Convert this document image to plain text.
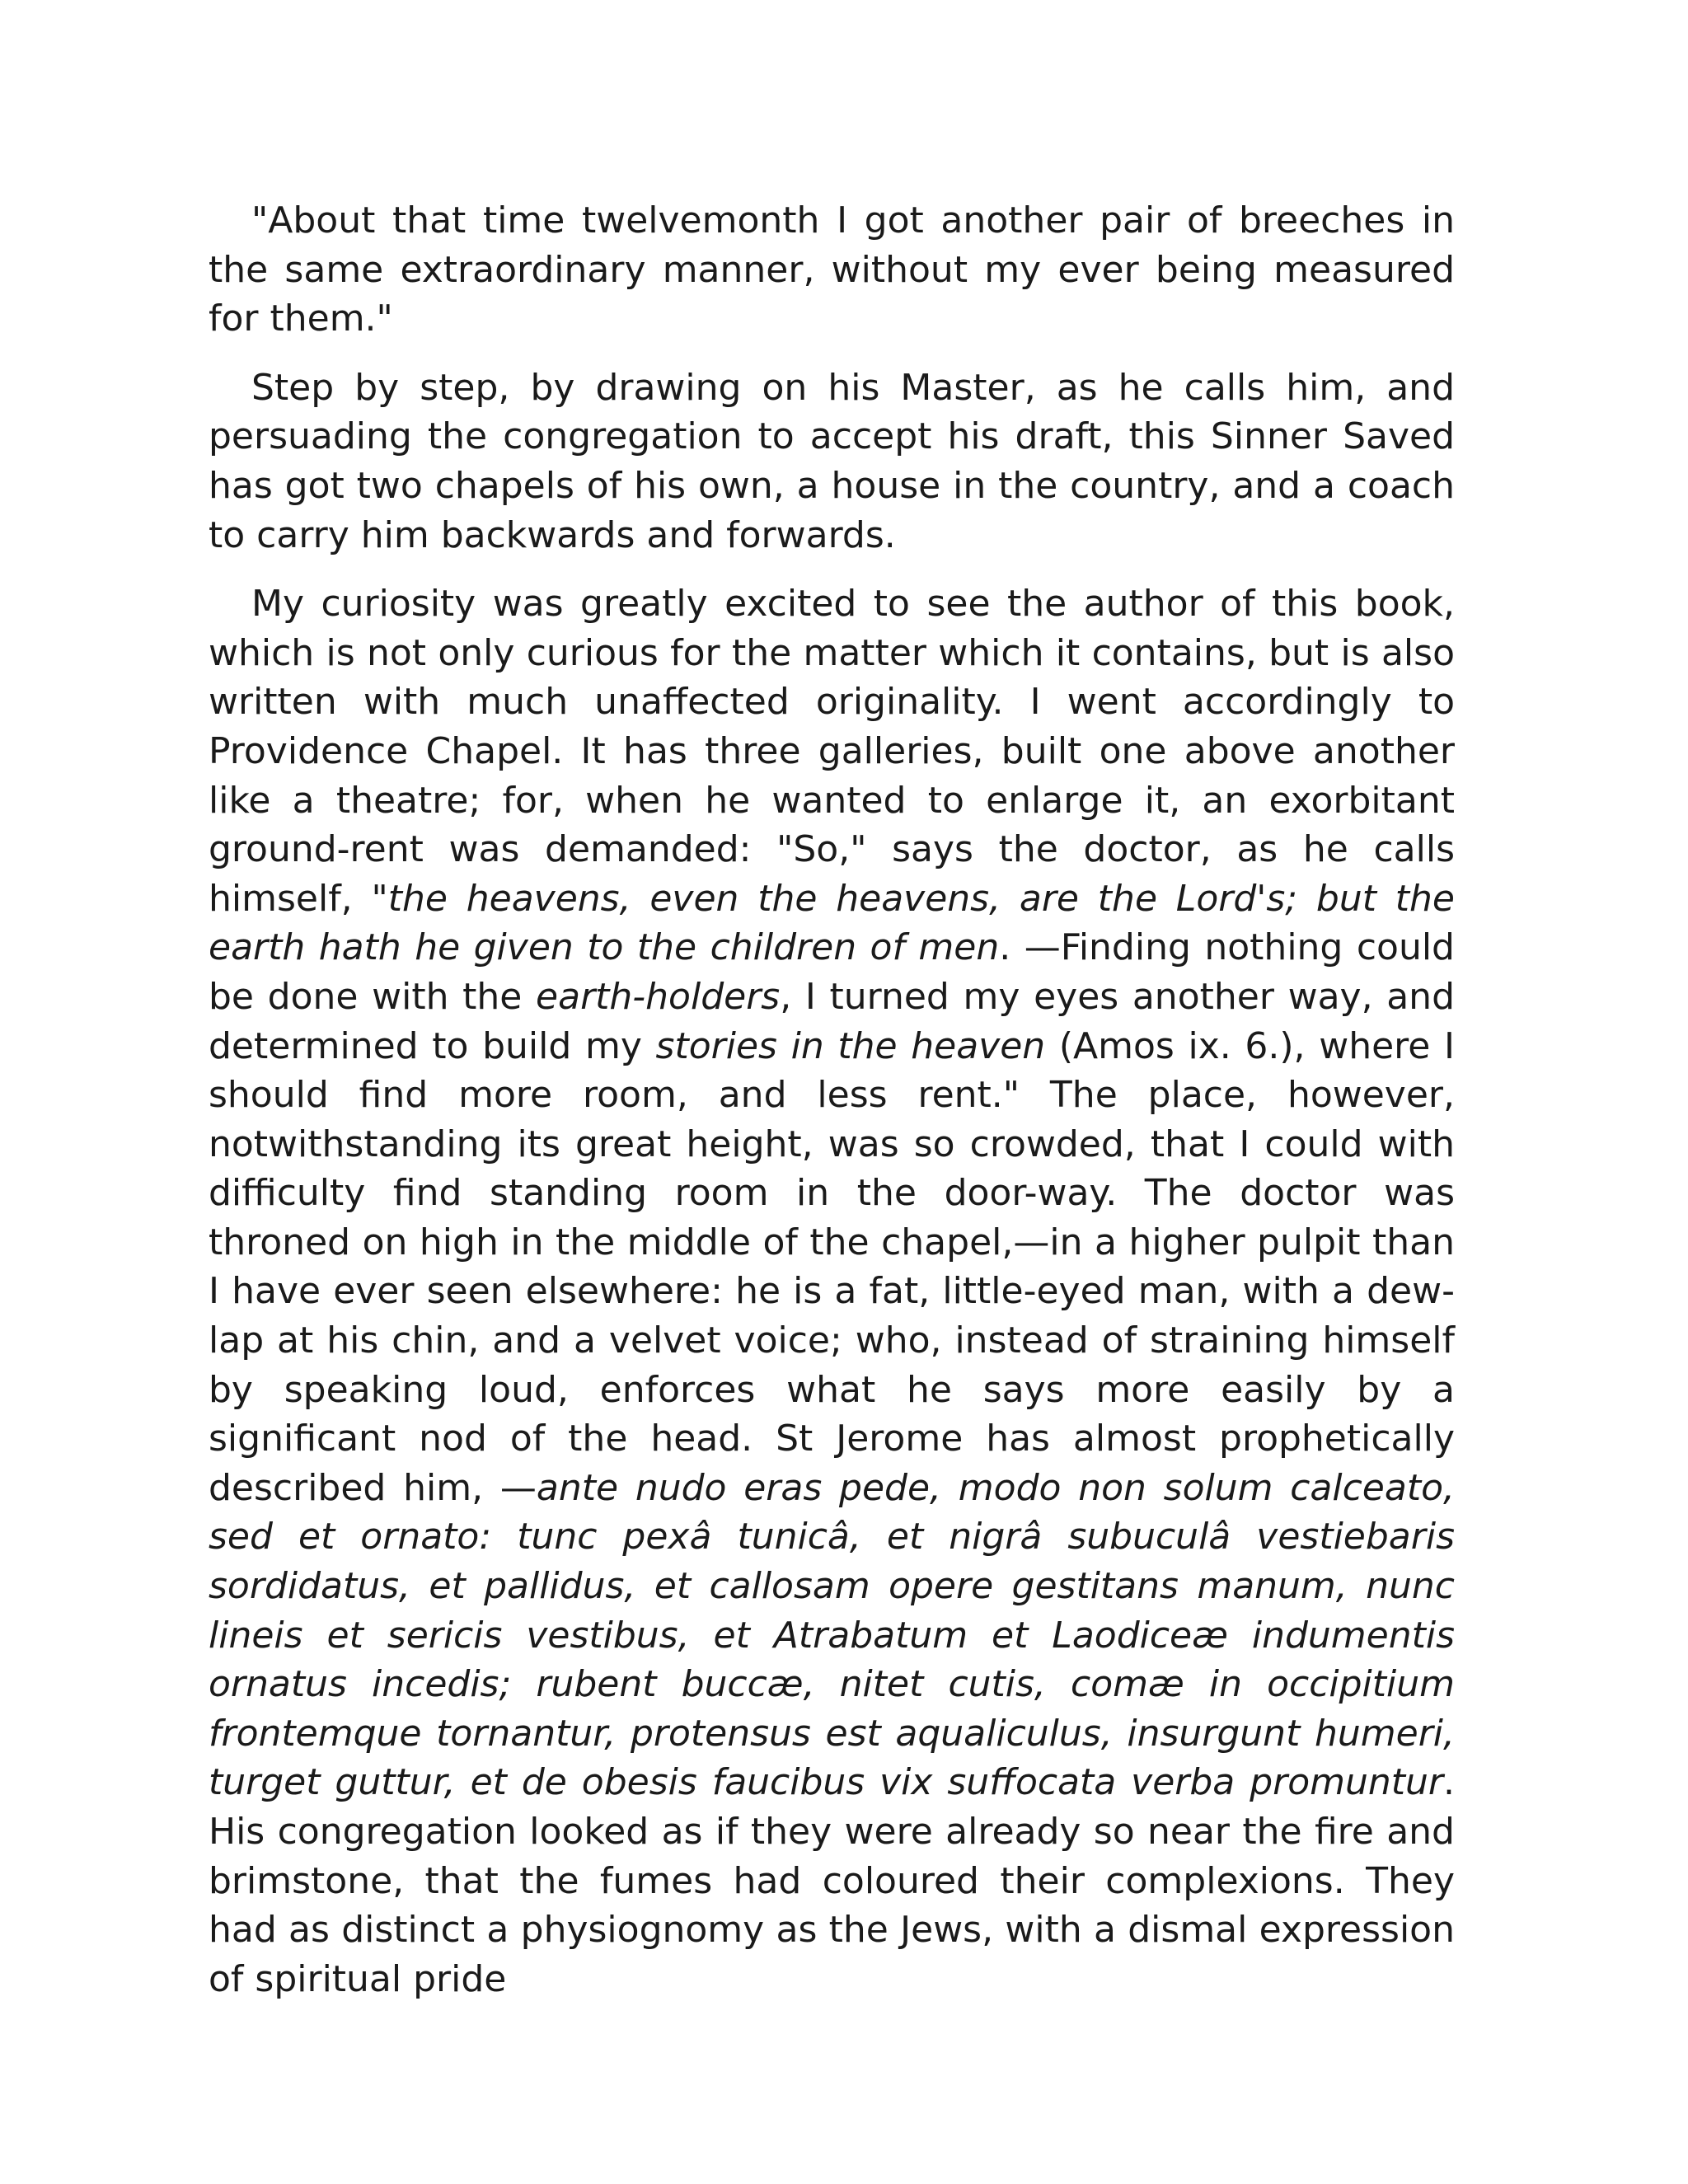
"About that time twelvemonth I got another pair of breeches in the same extraordinary manner, without my ever being measured for them."

Step by step, by drawing on his Master, as he calls him, and persuading the congregation to accept his draft, this Sinner Saved has got two chapels of his own, a house in the country, and a coach to carry him backwards and forwards.

My curiosity was greatly excited to see the author of this book, which is not only curious for the matter which it contains, but is also written with much unaffected originality. I went accordingly to Providence Chapel. It has three galleries, built one above another like a theatre; for, when he wanted to enlarge it, an exorbitant ground-rent was demanded: "So," says the doctor, as he calls himself, "the heavens, even the heavens, are the Lord's; but the earth hath he given to the children of men. —Finding nothing could be done with the earth-holders, I turned my eyes another way, and determined to build my stories in the heaven (Amos ix. 6.), where I should find more room, and less rent." The place, however, notwithstanding its great height, was so crowded, that I could with difficulty find standing room in the door-way. The doctor was throned on high in the middle of the chapel,—in a higher pulpit than I have ever seen elsewhere: he is a fat, little-eyed man, with a dew-lap at his chin, and a velvet voice; who, instead of straining himself by speaking loud, enforces what he says more easily by a significant nod of the head. St Jerome has almost prophetically described him, —ante nudo eras pede, modo non solum calceato, sed et ornato: tunc pexâ tunicâ, et nigrâ subuculâ vestiebaris sordidatus, et pallidus, et callosam opere gestitans manum, nunc lineis et sericis vestibus, et Atrabatum et Laodiceæ indumentis ornatus incedis; rubent buccæ, nitet cutis, comæ in occipitium frontemque tornantur, protensus est aqualiculus, insurgunt humeri, turget guttur, et de obesis faucibus vix suffocata verba promuntur. His congregation looked as if they were already so near the fire and brimstone, that the fumes had coloured their complexions. They had as distinct a physiognomy as the Jews, with a dismal expression of spiritual pride
